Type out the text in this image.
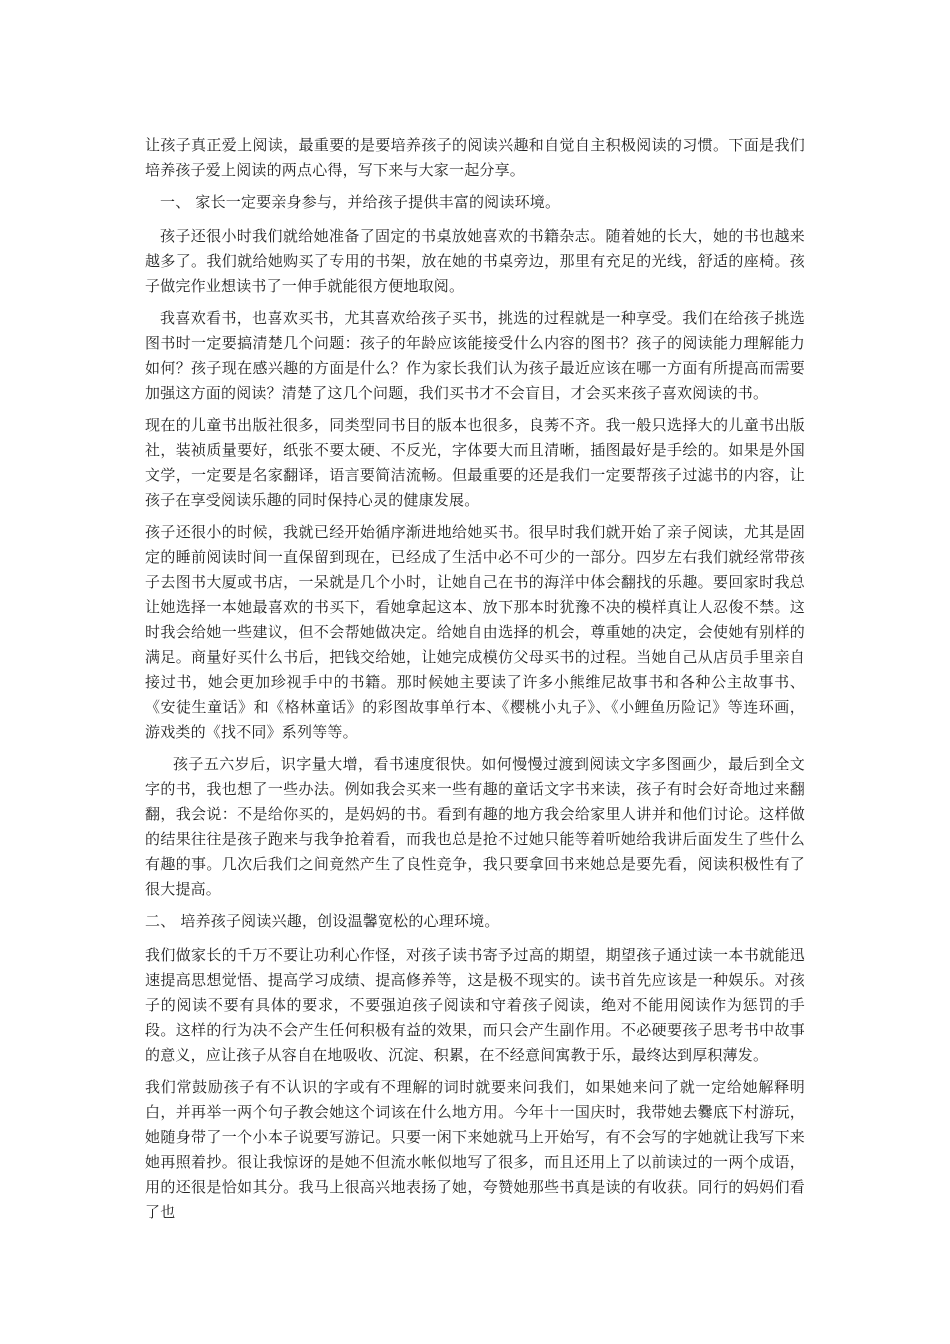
让孩子真正爱上阅读，最重要的是要培养孩子的阅读兴趣和自觉自主积极阅读的习惯。下面是我们培养孩子爱上阅读的两点心得，写下来与大家一起分享。

一、 家长一定要亲身参与，并给孩子提供丰富的阅读环境。

孩子还很小时我们就给她准备了固定的书桌放她喜欢的书籍杂志。随着她的长大，她的书也越来越多了。我们就给她购买了专用的书架，放在她的书桌旁边，那里有充足的光线，舒适的座椅。孩子做完作业想读书了一伸手就能很方便地取阅。

我喜欢看书，也喜欢买书，尤其喜欢给孩子买书，挑选的过程就是一种享受。我们在给孩子挑选图书时一定要搞清楚几个问题：孩子的年龄应该能接受什么内容的图书？孩子的阅读能力理解能力如何？孩子现在感兴趣的方面是什么？作为家长我们认为孩子最近应该在哪一方面有所提高而需要加强这方面的阅读？清楚了这几个问题，我们买书才不会盲目，才会买来孩子喜欢阅读的书。

现在的儿童书出版社很多，同类型同书目的版本也很多，良莠不齐。我一般只选择大的儿童书出版社，装祯质量要好，纸张不要太硬、不反光，字体要大而且清晰，插图最好是手绘的。如果是外国文学，一定要是名家翻译，语言要简洁流畅。但最重要的还是我们一定要帮孩子过滤书的内容，让孩子在享受阅读乐趣的同时保持心灵的健康发展。

孩子还很小的时候，我就已经开始循序渐进地给她买书。很早时我们就开始了亲子阅读，尤其是固定的睡前阅读时间一直保留到现在，已经成了生活中必不可少的一部分。四岁左右我们就经常带孩子去图书大厦或书店，一呆就是几个小时，让她自己在书的海洋中体会翻找的乐趣。要回家时我总让她选择一本她最喜欢的书买下，看她拿起这本、放下那本时犹豫不决的模样真让人忍俊不禁。这时我会给她一些建议，但不会帮她做决定。给她自由选择的机会，尊重她的决定，会使她有别样的满足。商量好买什么书后，把钱交给她，让她完成模仿父母买书的过程。当她自己从店员手里亲自接过书，她会更加珍视手中的书籍。那时候她主要读了许多小熊维尼故事书和各种公主故事书、《安徒生童话》和《格林童话》的彩图故事单行本、《樱桃小丸子》、《小鲤鱼历险记》等连环画，游戏类的《找不同》系列等等。

孩子五六岁后，识字量大增，看书速度很快。如何慢慢过渡到阅读文字多图画少，最后到全文字的书，我也想了一些办法。例如我会买来一些有趣的童话文字书来读，孩子有时会好奇地过来翻翻，我会说：不是给你买的，是妈妈的书。看到有趣的地方我会给家里人讲并和他们讨论。这样做的结果往往是孩子跑来与我争抢着看，而我也总是抢不过她只能等着听她给我讲后面发生了些什么有趣的事。几次后我们之间竟然产生了良性竞争，我只要拿回书来她总是要先看，阅读积极性有了很大提高。

二、 培养孩子阅读兴趣，创设温馨宽松的心理环境。

我们做家长的千万不要让功利心作怪，对孩子读书寄予过高的期望，期望孩子通过读一本书就能迅速提高思想觉悟、提高学习成绩、提高修养等，这是极不现实的。读书首先应该是一种娱乐。对孩子的阅读不要有具体的要求，不要强迫孩子阅读和守着孩子阅读，绝对不能用阅读作为惩罚的手段。这样的行为决不会产生任何积极有益的效果，而只会产生副作用。不必硬要孩子思考书中故事的意义，应让孩子从容自在地吸收、沉淀、积累，在不经意间寓教于乐，最终达到厚积薄发。

我们常鼓励孩子有不认识的字或有不理解的词时就要来问我们，如果她来问了就一定给她解释明白，并再举一两个句子教会她这个词该在什么地方用。今年十一国庆时，我带她去爨底下村游玩，她随身带了一个小本子说要写游记。只要一闲下来她就马上开始写，有不会写的字她就让我写下来她再照着抄。很让我惊讶的是她不但流水帐似地写了很多，而且还用上了以前读过的一两个成语，用的还很是恰如其分。我马上很高兴地表扬了她，夸赞她那些书真是读的有收获。同行的妈妈们看了也
